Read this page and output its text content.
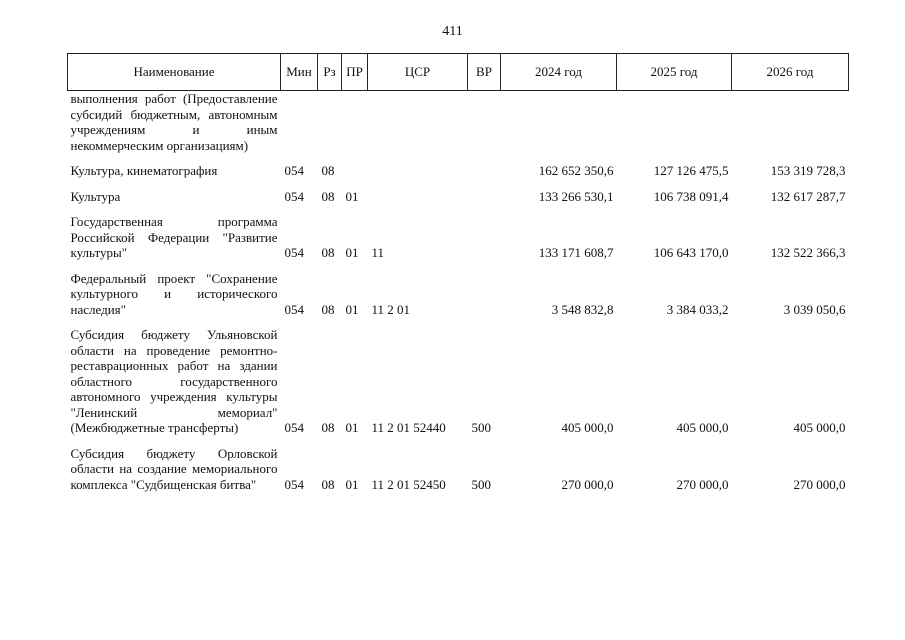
411
Наименование	Мин	Рз	ПР	ЦСР	ВР	2024 год	2025 год	2026 год
выполнения работ (Предоставление субсидий бюджетным, автономным учреждениям и иным некоммерческим организациям)								
Культура, кинематография	054	08				162 652 350,6	127 126 475,5	153 319 728,3
Культура	054	08	01			133 266 530,1	106 738 091,4	132 617 287,7
Государственная программа Российской Федерации "Развитие культуры"	054	08	01	11		133 171 608,7	106 643 170,0	132 522 366,3
Федеральный проект "Сохранение культурного и исторического наследия"	054	08	01	11 2 01		3 548 832,8	3 384 033,2	3 039 050,6
Субсидия бюджету Ульяновской области на проведение ремонтно-реставрационных работ на здании областного государственного автономного учреждения культуры "Ленинский мемориал" (Межбюджетные трансферты)	054	08	01	11 2 01 52440	500	405 000,0	405 000,0	405 000,0
Субсидия бюджету Орловской области на создание мемориального комплекса "Судбищенская битва"	054	08	01	11 2 01 52450	500	270 000,0	270 000,0	270 000,0
